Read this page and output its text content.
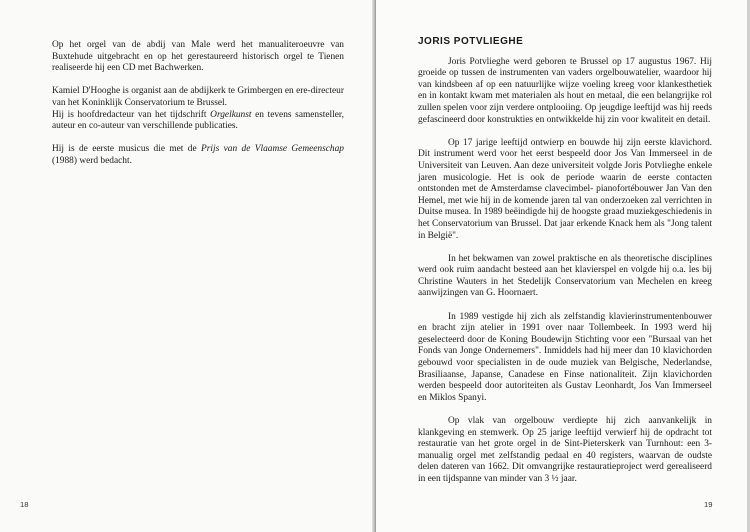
Op het orgel van de abdij van Male werd het manualiteroeuvre van Buxtehude uitgebracht en op het gerestaureerd historisch orgel te Tienen realiseerde hij een CD met Bachwerken.

Kamiel D'Hooghe is organist aan de abdijkerk te Grimbergen en ere-directeur van het Koninklijk Conservatorium te Brussel.

Hij is hoofdredacteur van het tijdschrift Orgelkunst en tevens samensteller, auteur en co-auteur van verschillende publicaties.

Hij is de eerste musicus die met de Prijs van de Vlaamse Gemeenschap (1988) werd bedacht.

18
JORIS POTVLIEGHE

Joris Potvlieghe werd geboren te Brussel op 17 augustus 1967. Hij groeide op tussen de instrumenten van vaders orgelbouwatelier, waardoor hij van kindsbeen af op een natuurlijke wijze voeling kreeg voor klankesthetiek en in kontakt kwam met materialen als hout en metaal, die een belangrijke rol zullen spelen voor zijn verdere ontplooiing. Op jeugdige leeftijd was hij reeds gefascineerd door konstrukties en ontwikkelde hij zin voor kwaliteit en detail.

Op 17 jarige leeftijd ontwierp en bouwde hij zijn eerste klavichord. Dit instrument werd voor het eerst bespeeld door Jos Van Immerseel in de Universiteit van Leuven. Aan deze universiteit volgde Joris Potvlieghe enkele jaren musicologie. Het is ook de periode waarin de eerste contacten ontstonden met de Amsterdamse clavecimbel- pianofortébouwer Jan Van den Hemel, met wie hij in de komende jaren tal van onderzoeken zal verrichten in Duitse musea. In 1989 beëindigde hij de hoogste graad muziekgeschiedenis in het Conservatorium van Brussel. Dat jaar erkende Knack hem als "Jong talent in België".

In het bekwamen van zowel praktische en als theoretische disciplines werd ook ruim aandacht besteed aan het klavierspel en volgde hij o.a. les bij Christine Wauters in het Stedelijk Conservatorium van Mechelen en kreeg aanwijzingen van G. Hoornaert.

In 1989 vestigde hij zich als zelfstandig klavierinstrumentenbouwer en bracht zijn atelier in 1991 over naar Tollembeek. In 1993 werd hij geselecteerd door de Koning Boudewijn Stichting voor een "Bursaal van het Fonds van Jonge Ondernemers". Inmiddels had hij meer dan 10 klavichorden gebouwd voor specialisten in de oude muziek van Belgische, Nederlandse, Brasiliaanse, Japanse, Canadese en Finse nationaliteit. Zijn klavichorden werden bespeeld door autoriteiten als Gustav Leonhardt, Jos Van Immerseel en Miklos Spanyi.

Op vlak van orgelbouw verdiepte hij zich aanvankelijk in klankgeving en stemwerk. Op 25 jarige leeftijd verwierf hij de opdracht tot restauratie van het grote orgel in de Sint-Pieterskerk van Turnhout: een 3-manualig orgel met zelfstandig pedaal en 40 registers, waarvan de oudste delen dateren van 1662. Dit omvangrijke restauratieproject werd gerealiseerd in een tijdspanne van minder van 3 ½ jaar.

19
